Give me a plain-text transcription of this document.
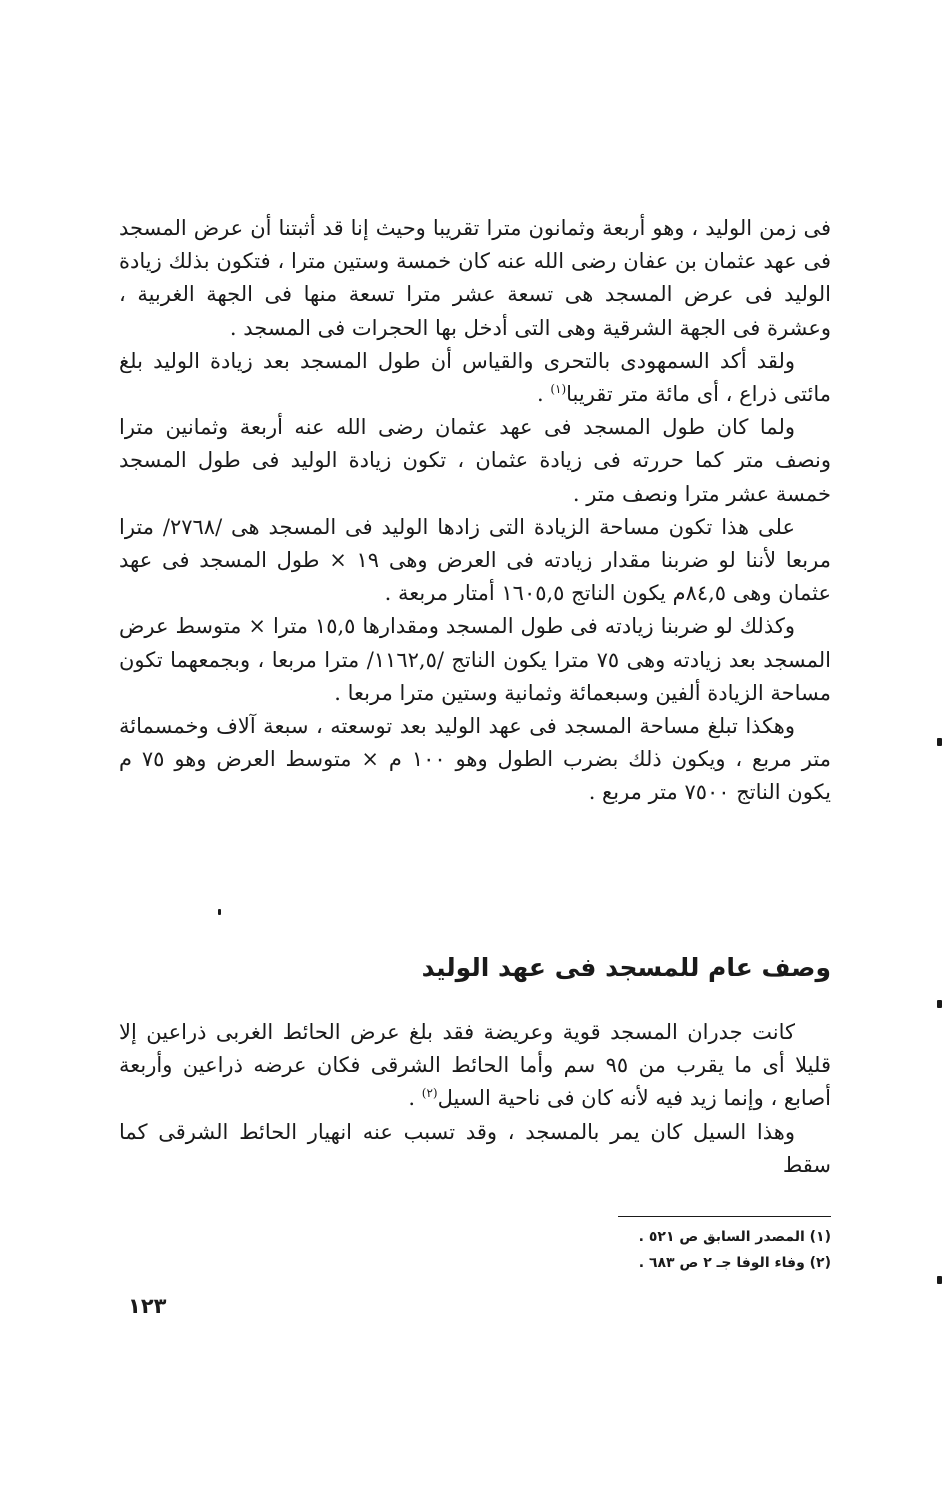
فى زمن الوليد ، وهو أربعة وثمانون مترا تقريبا وحيث إنا قد أثبتنا أن عرض المسجد فى عهد عثمان بن عفان رضى الله عنه كان خمسة وستين مترا ، فتكون بذلك زيادة الوليد فى عرض المسجد هى تسعة عشر مترا تسعة منها فى الجهة الغربية ، وعشرة فى الجهة الشرقية وهى التى أدخل بها الحجرات فى المسجد .

ولقد أكد السمهودى بالتحرى والقياس أن طول المسجد بعد زيادة الوليد بلغ مائتى ذراع ، أى مائة متر تقريبا$^{(١)}$ .

ولما كان طول المسجد فى عهد عثمان رضى الله عنه أربعة وثمانين مترا ونصف متر كما حررته فى زيادة عثمان ، تكون زيادة الوليد فى طول المسجد خمسة عشر مترا ونصف متر .

على هذا تكون مساحة الزيادة التى زادها الوليد فى المسجد هى /٢٧٦٨/ مترا مربعا لأننا لو ضربنا مقدار زيادته فى العرض وهى ١٩ × طول المسجد فى عهد عثمان وهى ٨٤,٥م يكون الناتج ١٦٠٥,٥ أمتار مربعة .

وكذلك لو ضربنا زيادته فى طول المسجد ومقدارها ١٥,٥ مترا × متوسط عرض المسجد بعد زيادته وهى ٧٥ مترا يكون الناتج /١١٦٢,٥/ مترا مربعا ، وبجمعهما تكون مساحة الزيادة ألفين وسبعمائة وثمانية وستين مترا مربعا .

وهكذا تبلغ مساحة المسجد فى عهد الوليد بعد توسعته ، سبعة آلاف وخمسمائة متر مربع ، ويكون ذلك بضرب الطول وهو ١٠٠ م × متوسط العرض وهو ٧٥ م يكون الناتج ٧٥٠٠ متر مربع .

وصف عام للمسجد فى عهد الوليد

كانت جدران المسجد قوية وعريضة فقد بلغ عرض الحائط الغربى ذراعين إلا قليلا أى ما يقرب من ٩٥ سم وأما الحائط الشرقى فكان عرضه ذراعين وأربعة أصابع ، وإنما زيد فيه لأنه كان فى ناحية السيل$^{(٢)}$ .

وهذا السيل كان يمر بالمسجد ، وقد تسبب عنه انهيار الحائط الشرقى كما سقط

(١) المصدر السابق ص ٥٢١ .
(٢) وفاء الوفا جـ ٢ ص ٦٨٣ .
١٢٣
